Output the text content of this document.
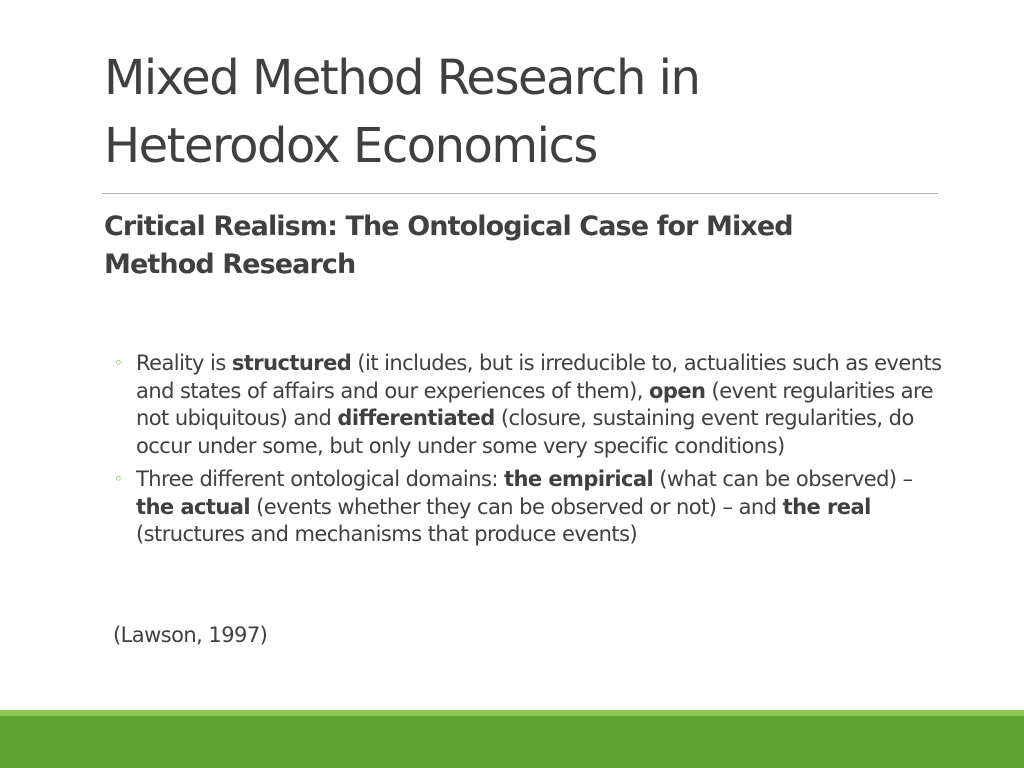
Mixed Method Research in
Heterodox Economics
Critical Realism: The Ontological Case for Mixed
Method Research
◦ Reality is structured (it includes, but is irreducible to, actualities such as events and states of affairs and our experiences of them), open (event regularities are not ubiquitous) and differentiated (closure, sustaining event regularities, do occur under some, but only under some very specific conditions)
◦ Three different ontological domains: the empirical (what can be observed) – the actual (events whether they can be observed or not) – and the real (structures and mechanisms that produce events)

(Lawson, 1997)
